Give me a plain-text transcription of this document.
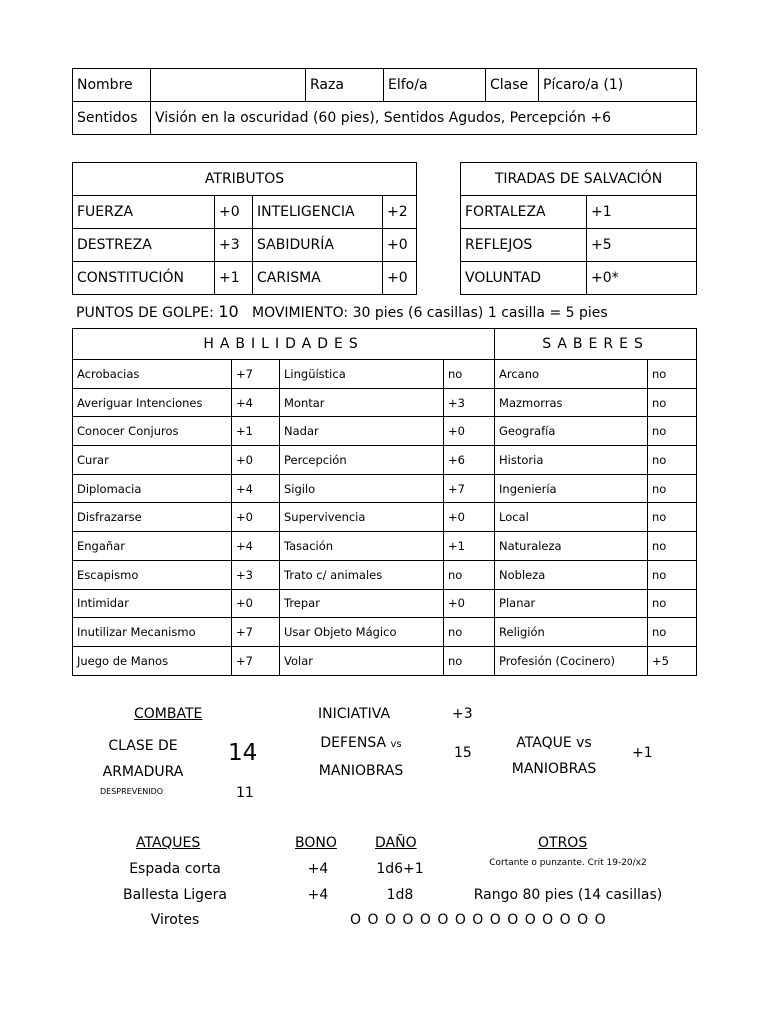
Nombre		Raza	Elfo/a	Clase	Pícaro/a (1)
Sentidos	Visión en la oscuridad (60 pies), Sentidos Agudos, Percepción +6				
ATRIBUTOS			
FUERZA	+0	INTELIGENCIA	+2
DESTREZA	+3	SABIDURÍA	+0
CONSTITUCIÓN	+1	CARISMA	+0
TIRADAS DE SALVACIÓN	
FORTALEZA	+1
REFLEJOS	+5
VOLUNTAD	+0*
PUNTOS DE GOLPE: 10 MOVIMIENTO: 30 pies (6 casillas) 1 casilla = 5 pies
HABILIDADES				SABERES	
Acrobacias	+7	Lingüística	no	Arcano	no
Averiguar Intenciones	+4	Montar	+3	Mazmorras	no
Conocer Conjuros	+1	Nadar	+0	Geografía	no
Curar	+0	Percepción	+6	Historia	no
Diplomacia	+4	Sigilo	+7	Ingeniería	no
Disfrazarse	+0	Supervivencia	+0	Local	no
Engañar	+4	Tasación	+1	Naturaleza	no
Escapismo	+3	Trato c/ animales	no	Nobleza	no
Intimidar	+0	Trepar	+0	Planar	no
Inutilizar Mecanismo	+7	Usar Objeto Mágico	no	Religión	no
Juego de Manos	+7	Volar	no	Profesión (Cocinero)	+5
COMBATE
CLASE DE
ARMADURA
14
DESPREVENIDO	11
INICIATIVA	+3
DEFENSA vs
MANIOBRAS
15
ATAQUE vs
MANIOBRAS
+1
ATAQUES	BONO	DAÑO	OTROS
Espada corta	+4	1d6+1	Cortante o punzante. Crit 19-20/x2
Ballesta Ligera	+4	1d8	Rango 80 pies (14 casillas)
Virotes	O O O O O O O O O O O O O O O
